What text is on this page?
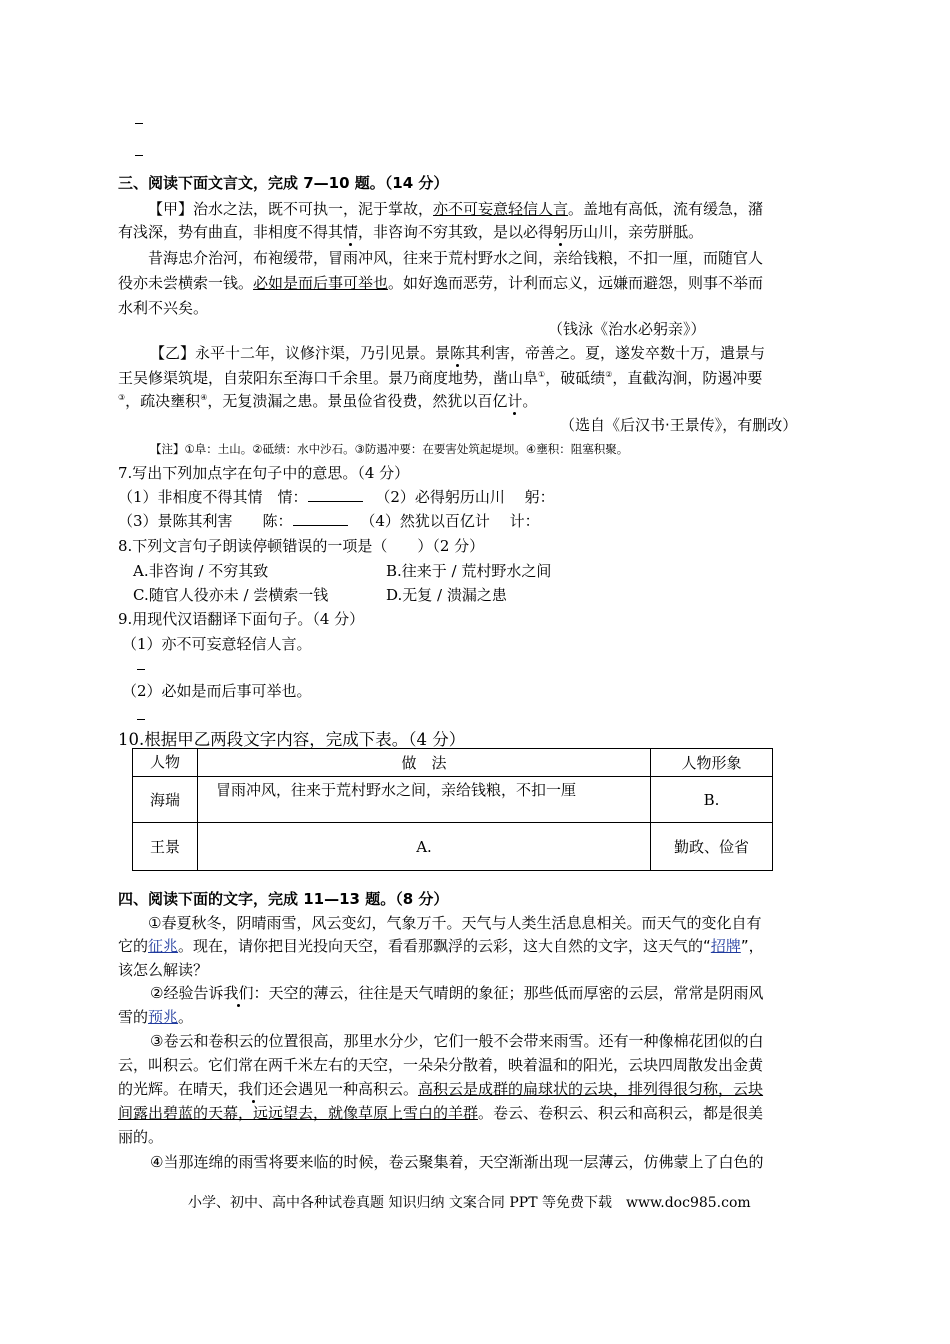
三、阅读下面文言文，完成 7—10 题。（14 分）
【甲】治水之法，既不可执一，泥于掌故，亦不可妄意轻信人言。盖地有高低，流有缓急，潴
有浅深，势有曲直，非相度不得其情，非咨询不穷其致，是以必得躬历山川，亲劳胼胝。
昔海忠介治河，布袍缓带，冒雨冲风，往来于荒村野水之间，亲给钱粮，不扣一厘，而随官人
役亦未尝横索一钱。必如是而后事可举也。如好逸而恶劳，计利而忘义，远嫌而避怨，则事不举而
水利不兴矣。
（钱泳《治水必躬亲》）
【乙】永平十二年，议修汴渠，乃引见景。景陈其利害，帝善之。夏，遂发卒数十万，遣景与
王吴修渠筑堤，自荥阳东至海口千余里。景乃商度地势，凿山阜①，破砥绩②，直截沟涧，防遏冲要
③，疏决壅积④，无复溃漏之患。景虽俭省役费，然犹以百亿计。
（选自《后汉书·王景传》，有删改）
【注】①阜：土山。②砥绩：水中沙石。③防遏冲要：在要害处筑起堤坝。④壅积：阻塞积聚。
7.写出下列加点字在句子中的意思。（4 分）
（1）非相度不得其情　情：	（2）必得躬历山川　 躬：
（3）景陈其利害　　陈：	（4）然犹以百亿计　 计：
8.下列文言句子朗读停顿错误的一项是（　　）（2 分）
A.非咨询 / 不穷其致	B.往来于 / 荒村野水之间
C.随官人役亦未 / 尝横索一钱	D.无复 / 溃漏之患
9.用现代汉语翻译下面句子。（4 分）
（1）亦不可妄意轻信人言。
（2）必如是而后事可举也。
10.根据甲乙两段文字内容，完成下表。（4 分）
人物	做　法	人物形象
海瑞	冒雨冲风，往来于荒村野水之间，亲给钱粮，不扣一厘	B.
王景	A.	勤政、俭省
四、阅读下面的文字，完成 11—13 题。（8 分）
①春夏秋冬，阴晴雨雪，风云变幻，气象万千。天气与人类生活息息相关。而天气的变化自有
它的征兆。现在，请你把目光投向天空，看看那飘浮的云彩，这大自然的文字，这天气的“招牌”，
该怎么解读？
②经验告诉我们：天空的薄云，往往是天气晴朗的象征；那些低而厚密的云层，常常是阴雨风
雪的预兆。
③卷云和卷积云的位置很高，那里水分少，它们一般不会带来雨雪。还有一种像棉花团似的白
云，叫积云。它们常在两千米左右的天空，一朵朵分散着，映着温和的阳光，云块四周散发出金黄
的光辉。在晴天，我们还会遇见一种高积云。高积云是成群的扁球状的云块，排列得很匀称，云块
间露出碧蓝的天幕，远远望去，就像草原上雪白的羊群。卷云、卷积云、积云和高积云，都是很美
丽的。
④当那连绵的雨雪将要来临的时候，卷云聚集着，天空渐渐出现一层薄云，仿佛蒙上了白色的
小学、初中、高中各种试卷真题 知识归纳 文案合同 PPT 等免费下载　www.doc985.com
